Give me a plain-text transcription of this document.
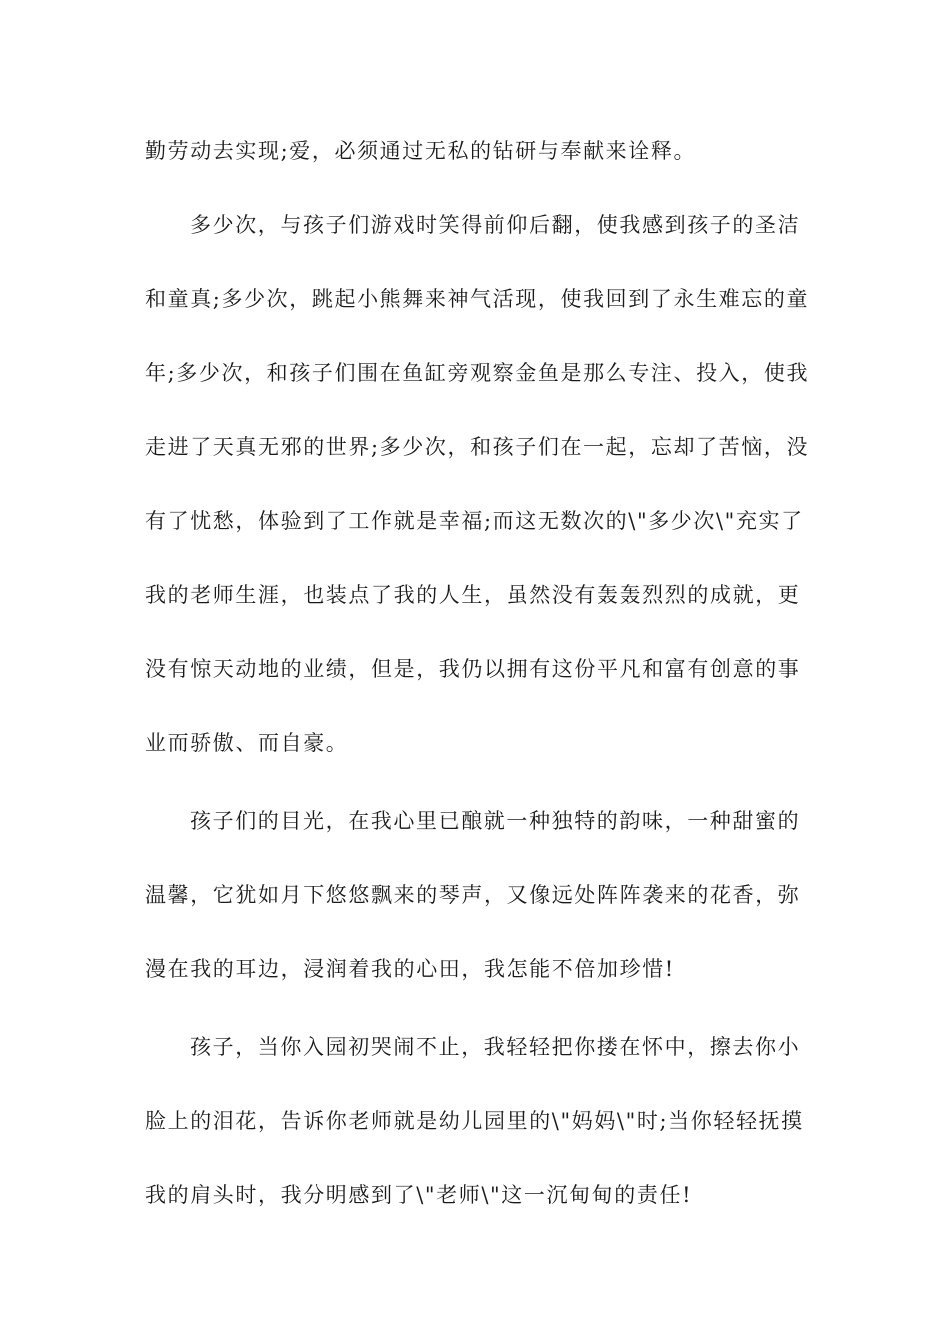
勤劳动去实现;爱，必须通过无私的钻研与奉献来诠释。
多少次，与孩子们游戏时笑得前仰后翻，使我感到孩子的圣洁
和童真;多少次，跳起小熊舞来神气活现，使我回到了永生难忘的童
年;多少次，和孩子们围在鱼缸旁观察金鱼是那么专注、投入，使我
走进了天真无邪的世界;多少次，和孩子们在一起，忘却了苦恼，没
有了忧愁，体验到了工作就是幸福;而这无数次的\"多少次\"充实了
我的老师生涯，也装点了我的人生，虽然没有轰轰烈烈的成就，更
没有惊天动地的业绩，但是，我仍以拥有这份平凡和富有创意的事
业而骄傲、而自豪。
孩子们的目光，在我心里已酿就一种独特的韵味，一种甜蜜的
温馨，它犹如月下悠悠飘来的琴声，又像远处阵阵袭来的花香，弥
漫在我的耳边，浸润着我的心田，我怎能不倍加珍惜!
孩子，当你入园初哭闹不止，我轻轻把你搂在怀中，擦去你小
脸上的泪花，告诉你老师就是幼儿园里的\"妈妈\"时;当你轻轻抚摸
我的肩头时，我分明感到了\"老师\"这一沉甸甸的责任!
